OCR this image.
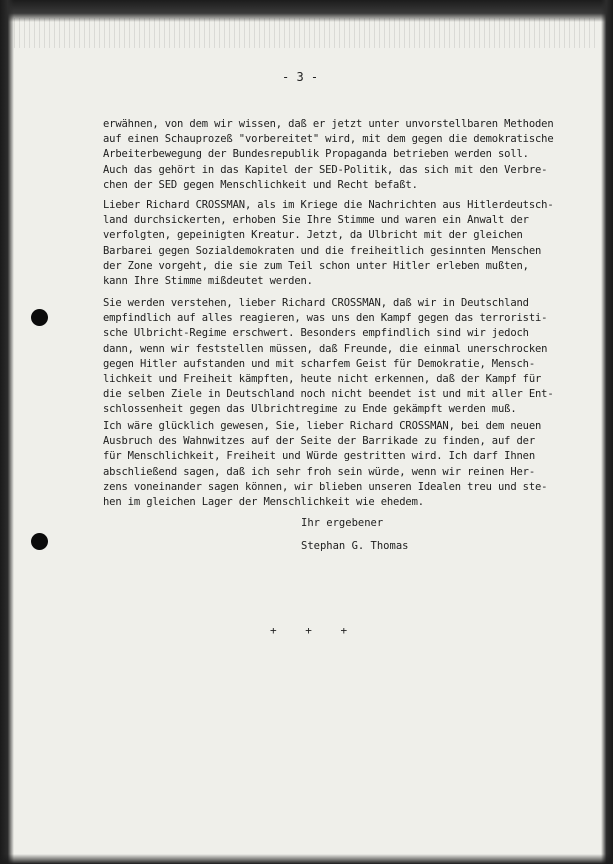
- 3 -
erwähnen, von dem wir wissen, daß er jetzt unter unvorstellbaren Methoden
auf einen Schauprozeß "vorbereitet" wird, mit dem gegen die demokratische
Arbeiterbewegung der Bundesrepublik Propaganda betrieben werden soll.
Auch das gehört in das Kapitel der SED-Politik, das sich mit den Verbre-
chen der SED gegen Menschlichkeit und Recht befaßt.
Lieber Richard CROSSMAN, als im Kriege die Nachrichten aus Hitlerdeutsch-
land durchsickerten, erhoben Sie Ihre Stimme und waren ein Anwalt der
verfolgten, gepeinigten Kreatur. Jetzt, da Ulbricht mit der gleichen
Barbarei gegen Sozialdemokraten und die freiheitlich gesinnten Menschen
der Zone vorgeht, die sie zum Teil schon unter Hitler erleben mußten,
kann Ihre Stimme mißdeutet werden.
Sie werden verstehen, lieber Richard CROSSMAN, daß wir in Deutschland
empfindlich auf alles reagieren, was uns den Kampf gegen das terroristi-
sche Ulbricht-Regime erschwert. Besonders empfindlich sind wir jedoch
dann, wenn wir feststellen müssen, daß Freunde, die einmal unerschrocken
gegen Hitler aufstanden und mit scharfem Geist für Demokratie, Mensch-
lichkeit und Freiheit kämpften, heute nicht erkennen, daß der Kampf für
die selben Ziele in Deutschland noch nicht beendet ist und mit aller Ent-
schlossenheit gegen das Ulbrichtregime zu Ende gekämpft werden muß.
Ich wäre glücklich gewesen, Sie, lieber Richard CROSSMAN, bei dem neuen
Ausbruch des Wahnwitzes auf der Seite der Barrikade zu finden, auf der
für Menschlichkeit, Freiheit und Würde gestritten wird. Ich darf Ihnen
abschließend sagen, daß ich sehr froh sein würde, wenn wir reinen Her-
zens voneinander sagen können, wir blieben unseren Idealen treu und ste-
hen im gleichen Lager der Menschlichkeit wie ehedem.
Ihr ergebener
Stephan G. Thomas
+ + +
